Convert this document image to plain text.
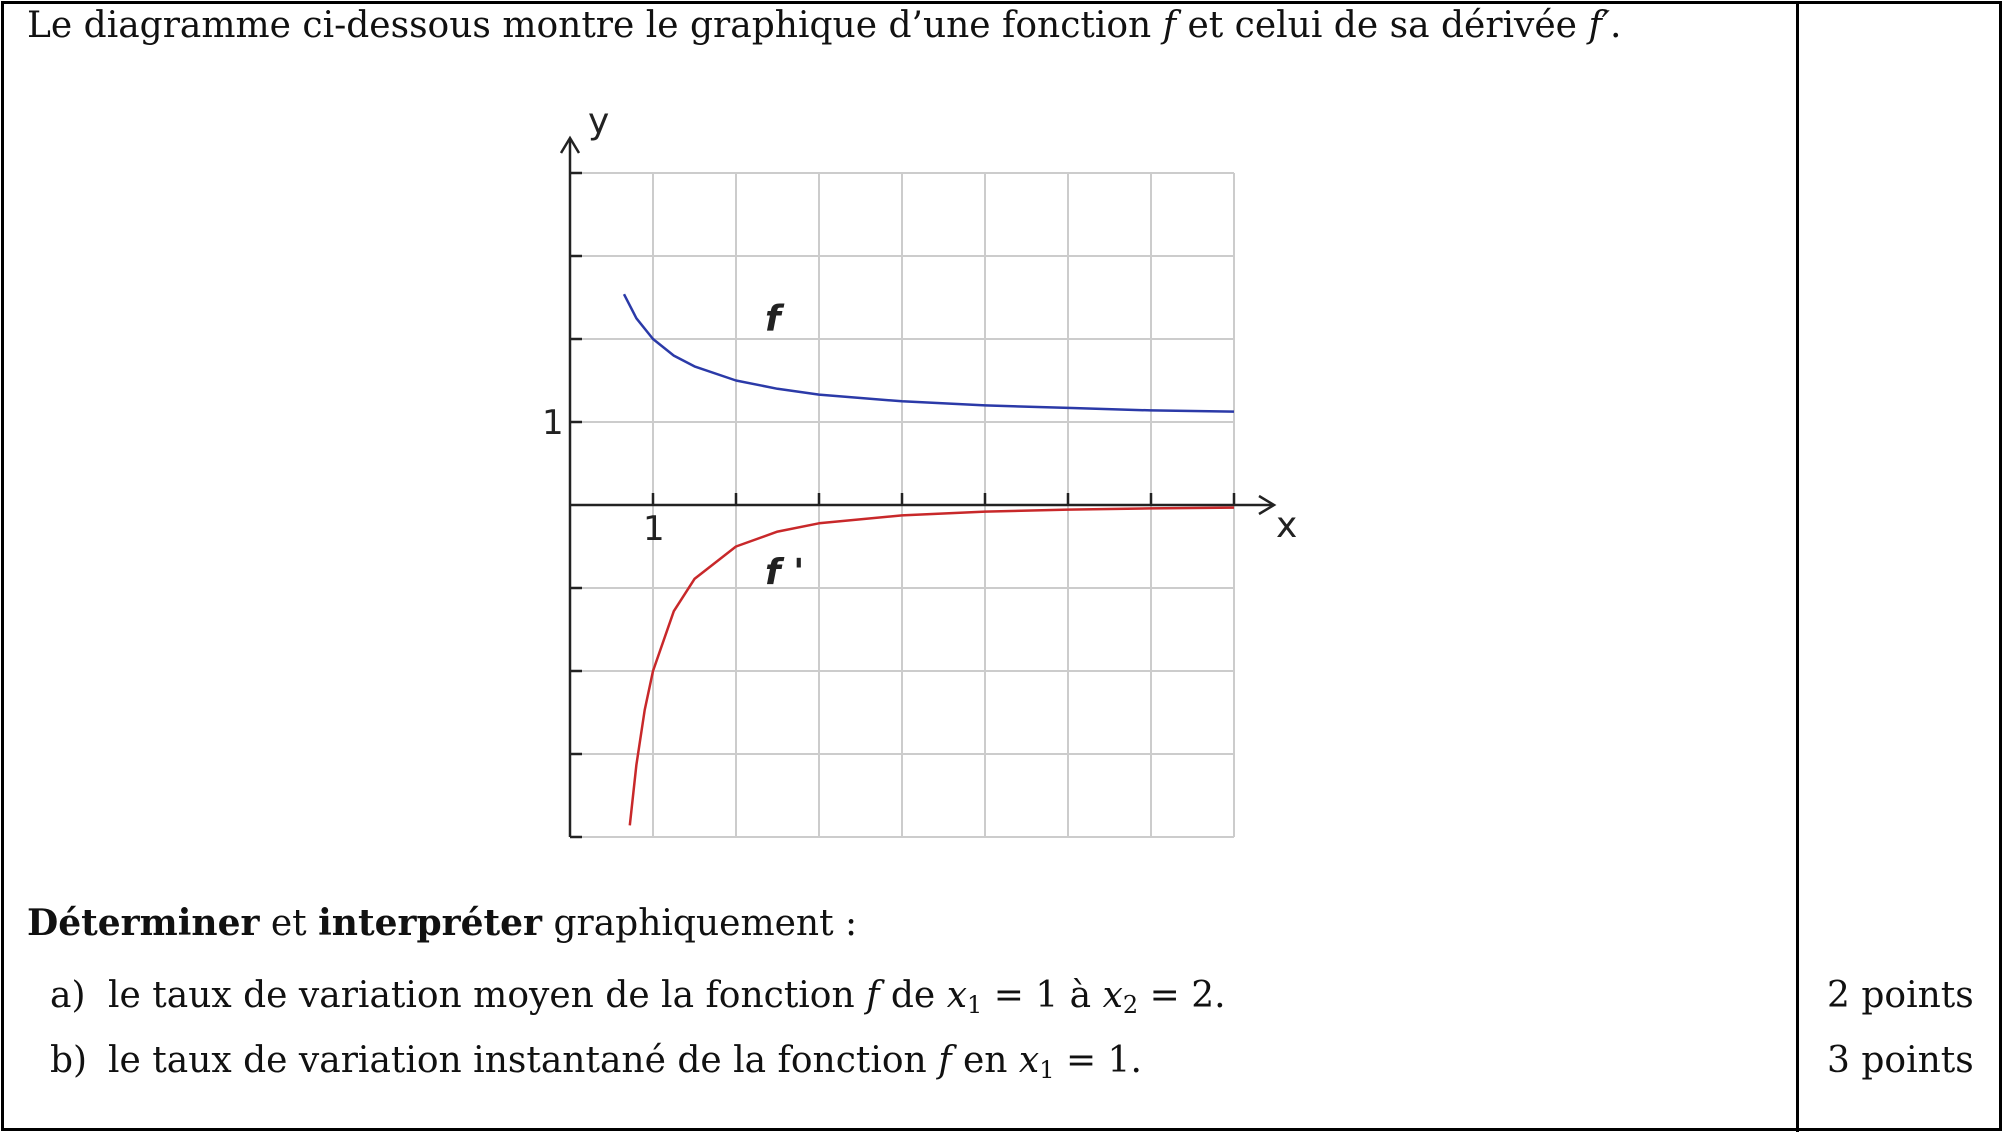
Le diagramme ci-dessous montre le graphique d’une fonction f et celui de sa dérivée f′.
y
x
1
1
f
f '
Déterminer et interpréter graphiquement :
a) le taux de variation moyen de la fonction f de $x_1 = 1$ à $x_2 = 2$.	2 points
b) le taux de variation instantané de la fonction f en $x_1 = 1$.	3 points
